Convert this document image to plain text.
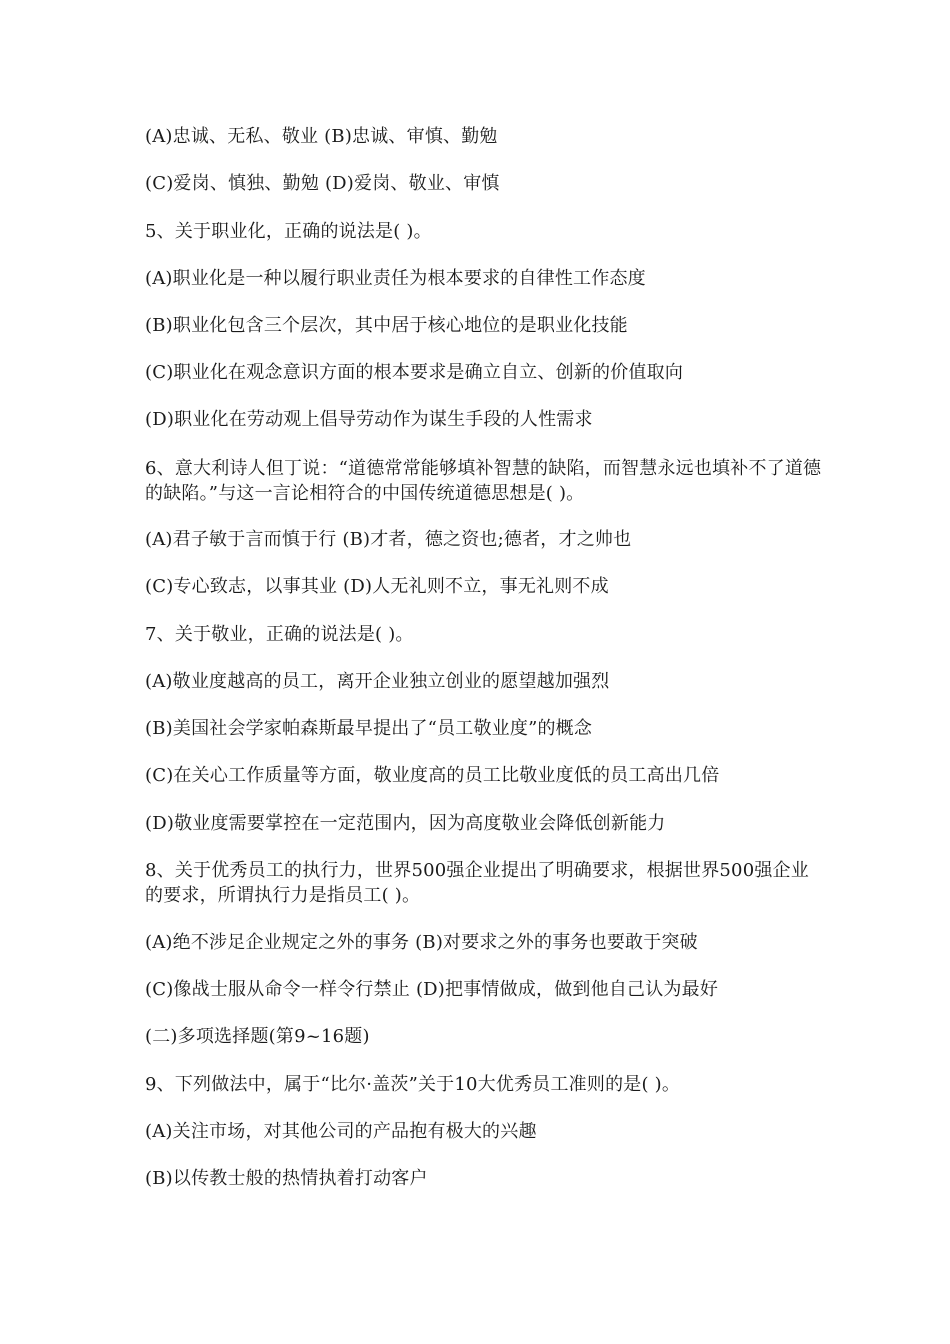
(A)忠诚、无私、敬业 (B)忠诚、审慎、勤勉
(C)爱岗、慎独、勤勉 (D)爱岗、敬业、审慎
5、关于职业化，正确的说法是( )。
(A)职业化是一种以履行职业责任为根本要求的自律性工作态度
(B)职业化包含三个层次，其中居于核心地位的是职业化技能
(C)职业化在观念意识方面的根本要求是确立自立、创新的价值取向
(D)职业化在劳动观上倡导劳动作为谋生手段的人性需求
6、意大利诗人但丁说：“道德常常能够填补智慧的缺陷，而智慧永远也填补不了道德的缺陷。”与这一言论相符合的中国传统道德思想是( )。
(A)君子敏于言而慎于行 (B)才者，德之资也;德者，才之帅也
(C)专心致志，以事其业 (D)人无礼则不立，事无礼则不成
7、关于敬业，正确的说法是( )。
(A)敬业度越高的员工，离开企业独立创业的愿望越加强烈
(B)美国社会学家帕森斯最早提出了“员工敬业度”的概念
(C)在关心工作质量等方面，敬业度高的员工比敬业度低的员工高出几倍
(D)敬业度需要掌控在一定范围内，因为高度敬业会降低创新能力
8、关于优秀员工的执行力，世界500强企业提出了明确要求，根据世界500强企业的要求，所谓执行力是指员工( )。
(A)绝不涉足企业规定之外的事务 (B)对要求之外的事务也要敢于突破
(C)像战士服从命令一样令行禁止 (D)把事情做成，做到他自己认为最好
(二)多项选择题(第9~16题)
9、下列做法中，属于“比尔·盖茨”关于10大优秀员工准则的是( )。
(A)关注市场，对其他公司的产品抱有极大的兴趣
(B)以传教士般的热情执着打动客户
